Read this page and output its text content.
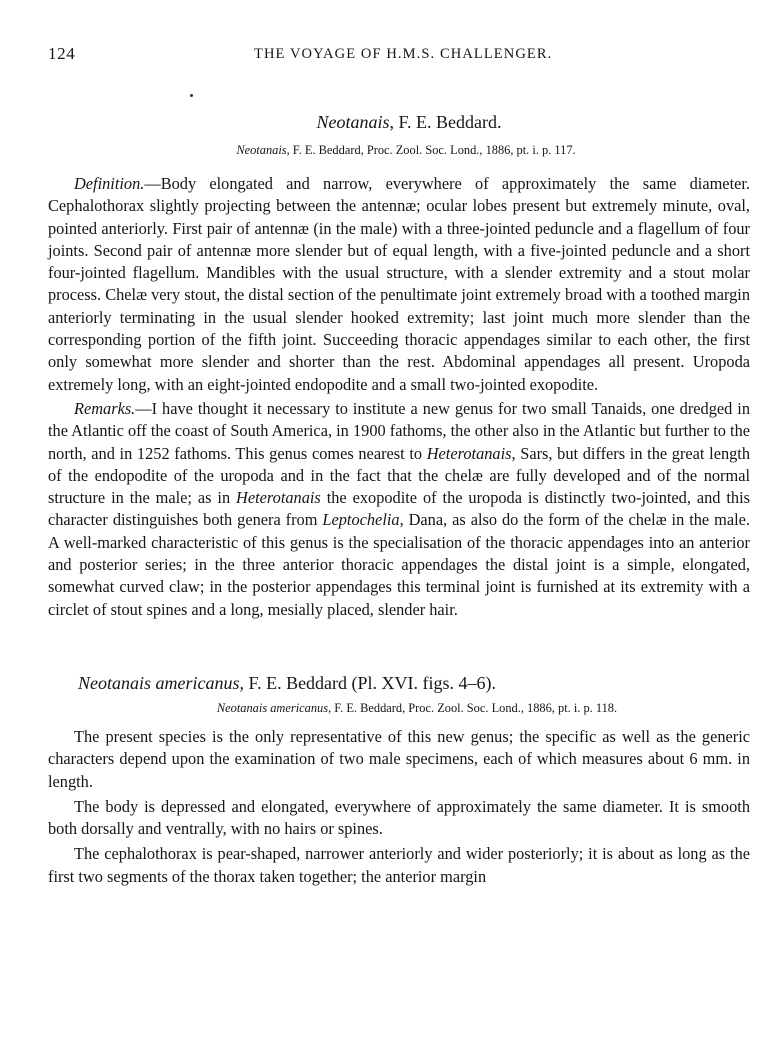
124	THE VOYAGE OF H.M.S. CHALLENGER.
Neotanais, F. E. Beddard.
Neotanais, F. E. Beddard, Proc. Zool. Soc. Lond., 1886, pt. i. p. 117.

Definition.—Body elongated and narrow, everywhere of approximately the same diameter. Cephalothorax slightly projecting between the antennæ; ocular lobes present but extremely minute, oval, pointed anteriorly. First pair of antennæ (in the male) with a three-jointed peduncle and a flagellum of four joints. Second pair of antennæ more slender but of equal length, with a five-jointed peduncle and a short four-jointed flagellum. Mandibles with the usual structure, with a slender extremity and a stout molar process. Chelæ very stout, the distal section of the penultimate joint extremely broad with a toothed margin anteriorly terminating in the usual slender hooked extremity; last joint much more slender than the corresponding portion of the fifth joint. Succeeding thoracic appendages similar to each other, the first only somewhat more slender and shorter than the rest. Abdominal appendages all present. Uropoda extremely long, with an eight-jointed endopodite and a small two-jointed exopodite.

Remarks.—I have thought it necessary to institute a new genus for two small Tanaids, one dredged in the Atlantic off the coast of South America, in 1900 fathoms, the other also in the Atlantic but further to the north, and in 1252 fathoms. This genus comes nearest to Heterotanais, Sars, but differs in the great length of the endopodite of the uropoda and in the fact that the chelæ are fully developed and of the normal structure in the male; as in Heterotanais the exopodite of the uropoda is distinctly two-jointed, and this character distinguishes both genera from Leptochelia, Dana, as also do the form of the chelæ in the male. A well-marked characteristic of this genus is the specialisation of the thoracic appendages into an anterior and posterior series; in the three anterior thoracic appendages the distal joint is a simple, elongated, somewhat curved claw; in the posterior appendages this terminal joint is furnished at its extremity with a circlet of stout spines and a long, mesially placed, slender hair.

Neotanais americanus, F. E. Beddard (Pl. XVI. figs. 4–6).
Neotanais americanus, F. E. Beddard, Proc. Zool. Soc. Lond., 1886, pt. i. p. 118.

The present species is the only representative of this new genus; the specific as well as the generic characters depend upon the examination of two male specimens, each of which measures about 6 mm. in length.

The body is depressed and elongated, everywhere of approximately the same diameter. It is smooth both dorsally and ventrally, with no hairs or spines.

The cephalothorax is pear-shaped, narrower anteriorly and wider posteriorly; it is about as long as the first two segments of the thorax taken together; the anterior margin
